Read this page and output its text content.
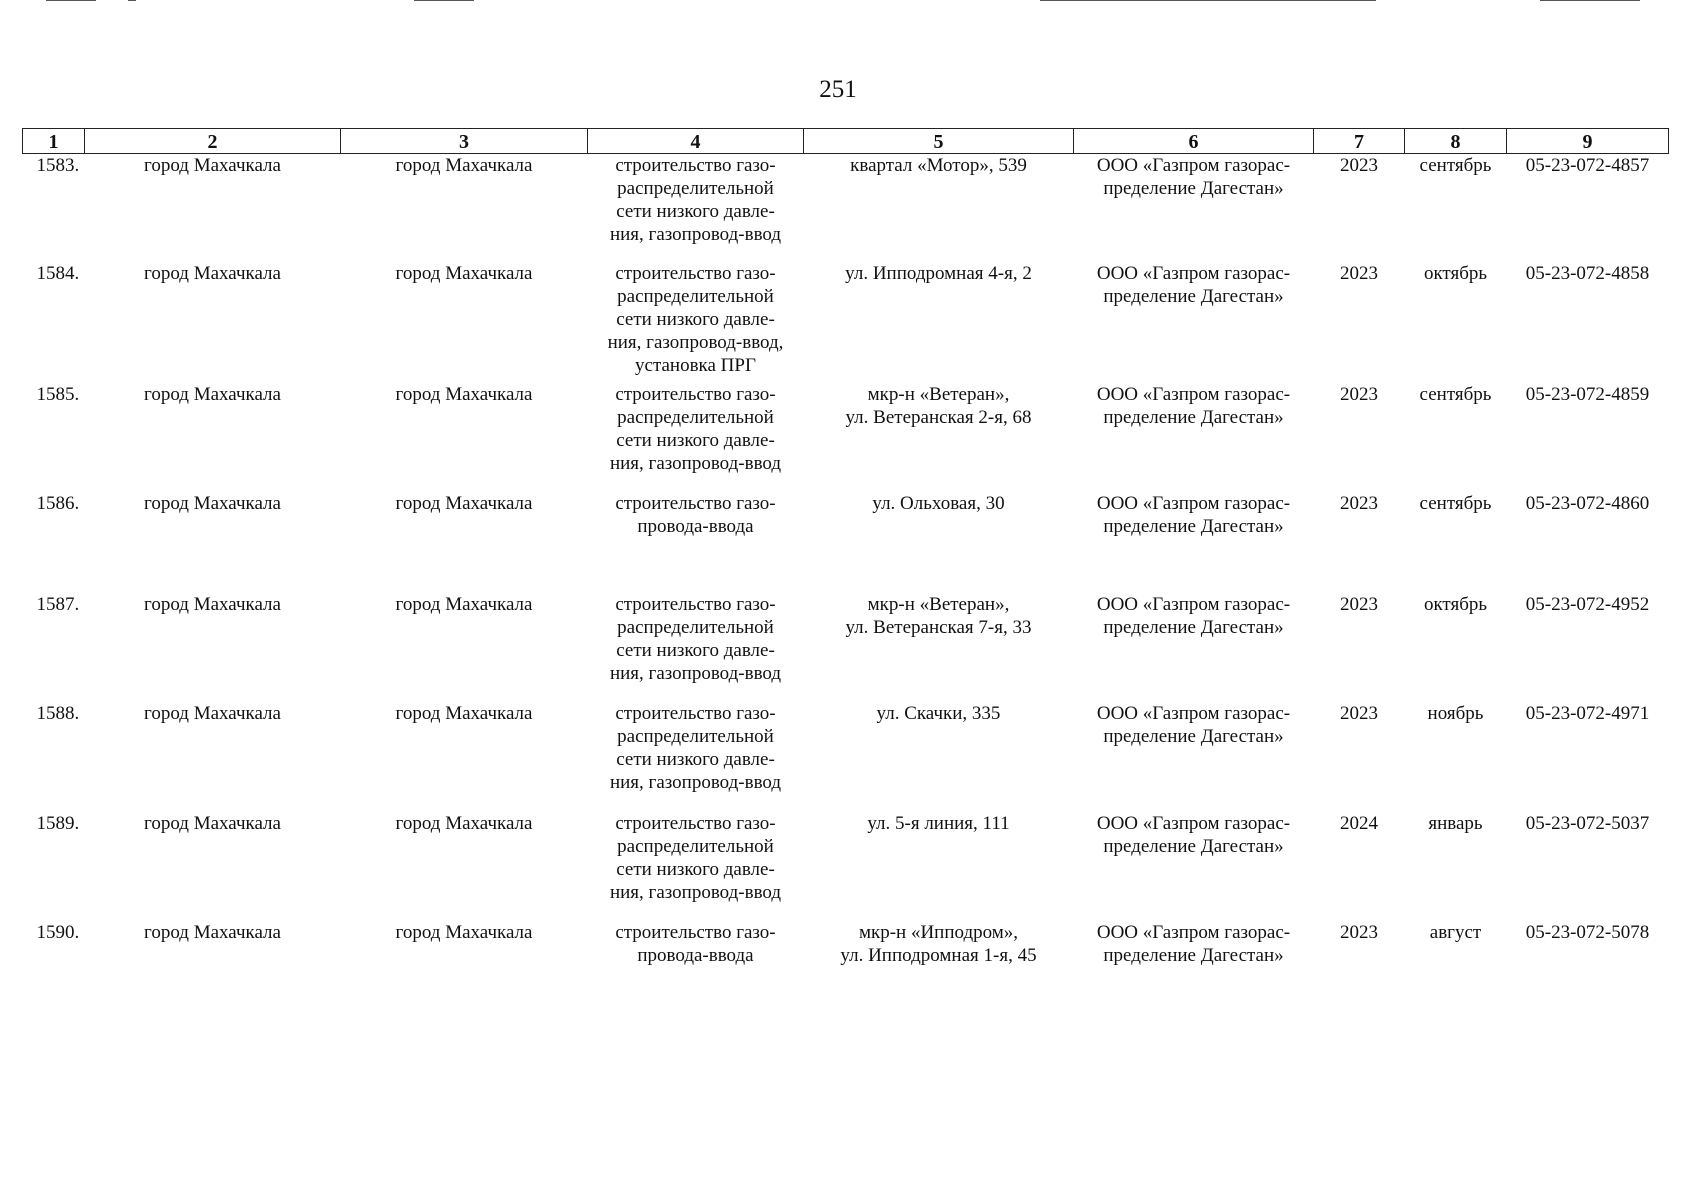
251
1	2	3	4	5	6	7	8	9
1583.	город Махачкала	город Махачкала	строительство газо-
распределительной
сети низкого давле-
ния, газопровод-ввод	квартал «Мотор», 539	ООО «Газпром газорас-
пределение Дагестан»	2023	сентябрь	05-23-072-4857
1584.	город Махачкала	город Махачкала	строительство газо-
распределительной
сети низкого давле-
ния, газопровод-ввод,
установка ПРГ	ул. Ипподромная 4-я, 2	ООО «Газпром газорас-
пределение Дагестан»	2023	октябрь	05-23-072-4858
1585.	город Махачкала	город Махачкала	строительство газо-
распределительной
сети низкого давле-
ния, газопровод-ввод	мкр-н «Ветеран»,
ул. Ветеранская 2-я, 68	ООО «Газпром газорас-
пределение Дагестан»	2023	сентябрь	05-23-072-4859
1586.	город Махачкала	город Махачкала	строительство газо-
провода-ввода	ул. Ольховая, 30	ООО «Газпром газорас-
пределение Дагестан»	2023	сентябрь	05-23-072-4860
1587.	город Махачкала	город Махачкала	строительство газо-
распределительной
сети низкого давле-
ния, газопровод-ввод	мкр-н «Ветеран»,
ул. Ветеранская 7-я, 33	ООО «Газпром газорас-
пределение Дагестан»	2023	октябрь	05-23-072-4952
1588.	город Махачкала	город Махачкала	строительство газо-
распределительной
сети низкого давле-
ния, газопровод-ввод	ул. Скачки, 335	ООО «Газпром газорас-
пределение Дагестан»	2023	ноябрь	05-23-072-4971
1589.	город Махачкала	город Махачкала	строительство газо-
распределительной
сети низкого давле-
ния, газопровод-ввод	ул. 5-я линия, 111	ООО «Газпром газорас-
пределение Дагестан»	2024	январь	05-23-072-5037
1590.	город Махачкала	город Махачкала	строительство газо-
провода-ввода	мкр-н «Ипподром»,
ул. Ипподромная 1-я, 45	ООО «Газпром газорас-
пределение Дагестан»	2023	август	05-23-072-5078
